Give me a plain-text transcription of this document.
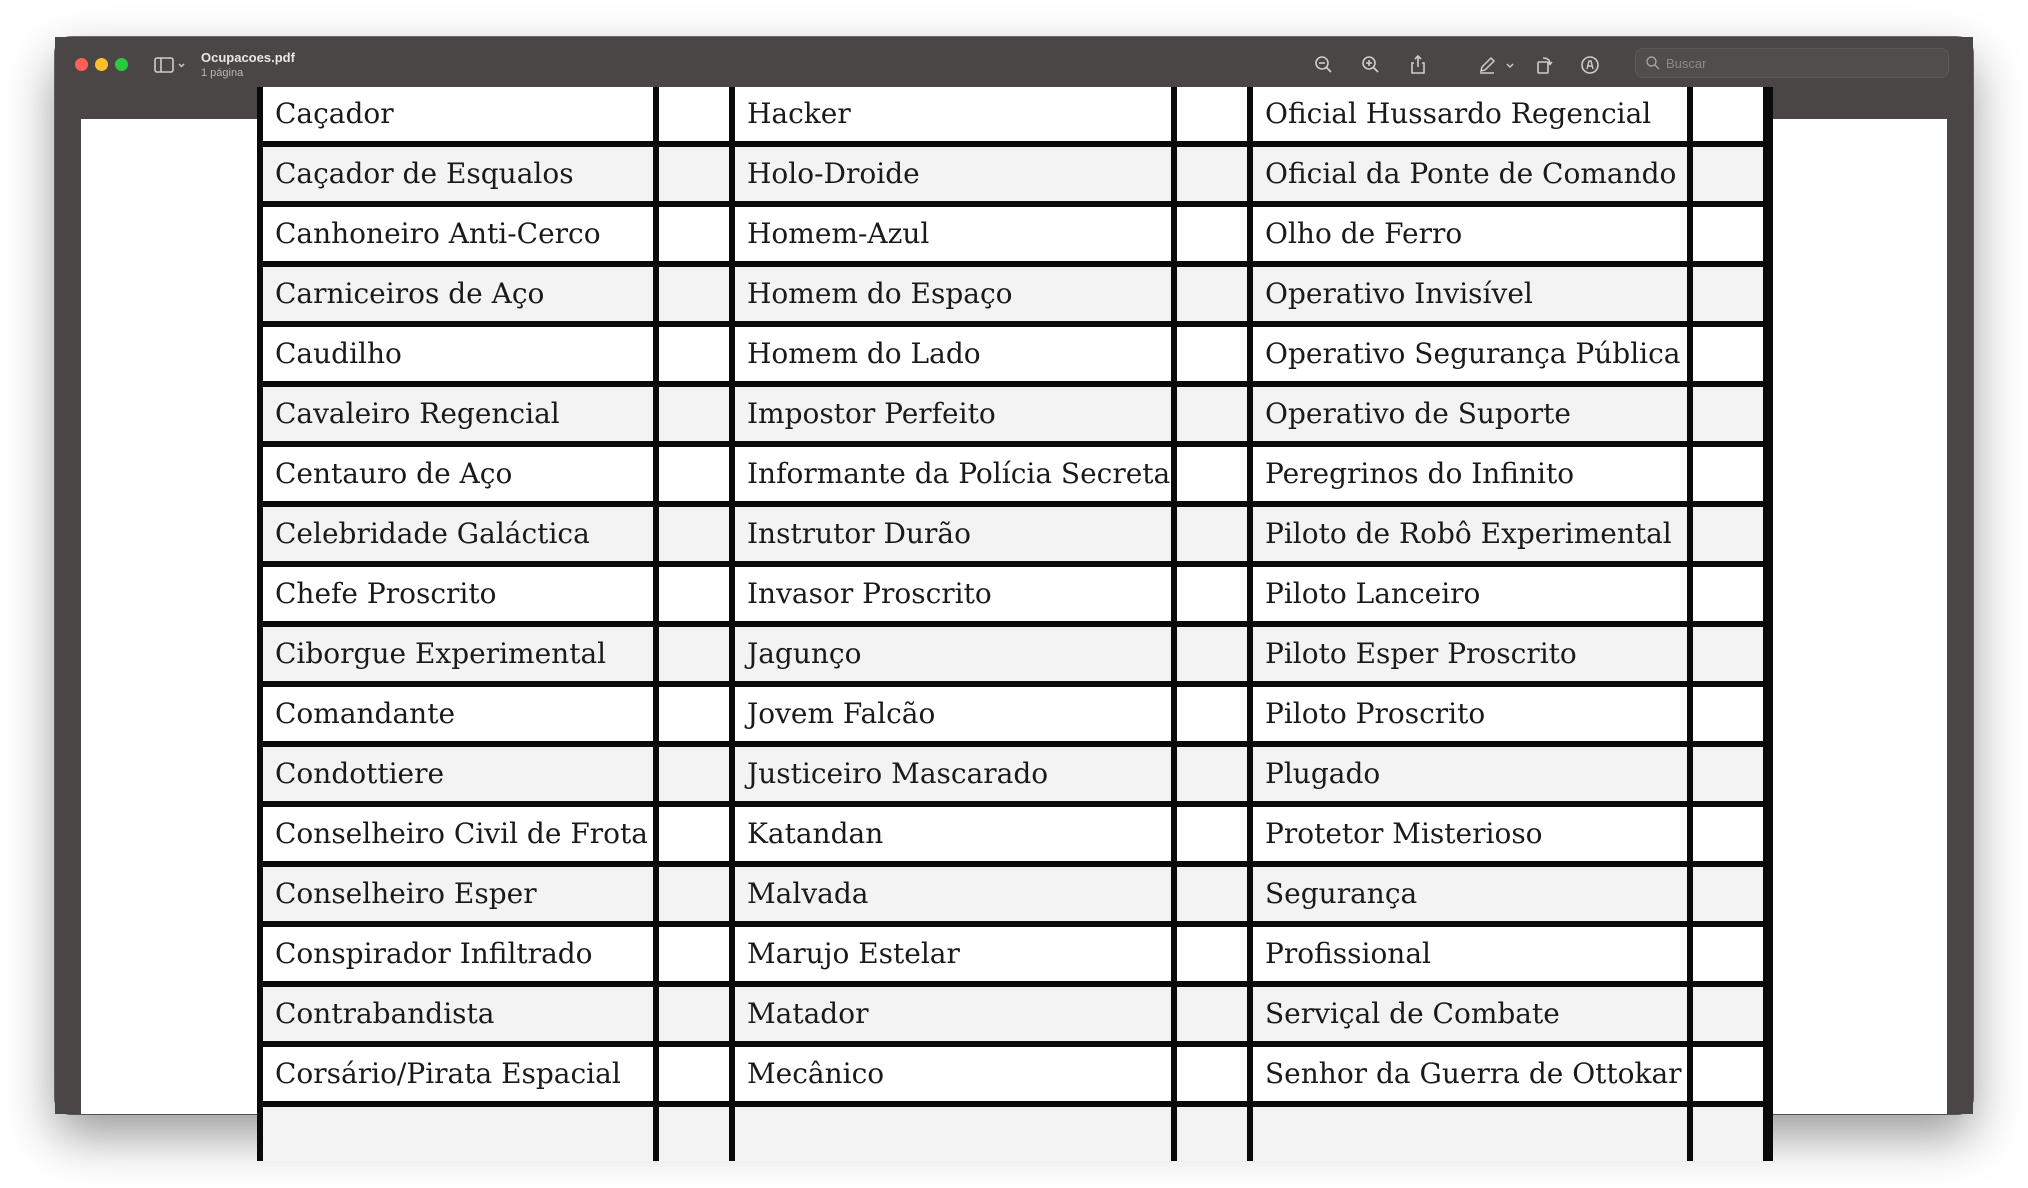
Ocupacoes.pdf
1 página
Buscar
Caçador	Hacker	Oficial Hussardo Regencial
Caçador de Esqualos	Holo-Droide	Oficial da Ponte de Comando
Canhoneiro Anti-Cerco	Homem-Azul	Olho de Ferro
Carniceiros de Aço	Homem do Espaço	Operativo Invisível
Caudilho	Homem do Lado	Operativo Segurança Pública
Cavaleiro Regencial	Impostor Perfeito	Operativo de Suporte
Centauro de Aço	Informante da Polícia Secreta	Peregrinos do Infinito
Celebridade Galáctica	Instrutor Durão	Piloto de Robô Experimental
Chefe Proscrito	Invasor Proscrito	Piloto Lanceiro
Ciborgue Experimental	Jagunço	Piloto Esper Proscrito
Comandante	Jovem Falcão	Piloto Proscrito
Condottiere	Justiceiro Mascarado	Plugado
Conselheiro Civil de Frota	Katandan	Protetor Misterioso
Conselheiro Esper	Malvada	Segurança
Conspirador Infiltrado	Marujo Estelar	Profissional
Contrabandista	Matador	Serviçal de Combate
Corsário/Pirata Espacial	Mecânico	Senhor da Guerra de Ottokar
